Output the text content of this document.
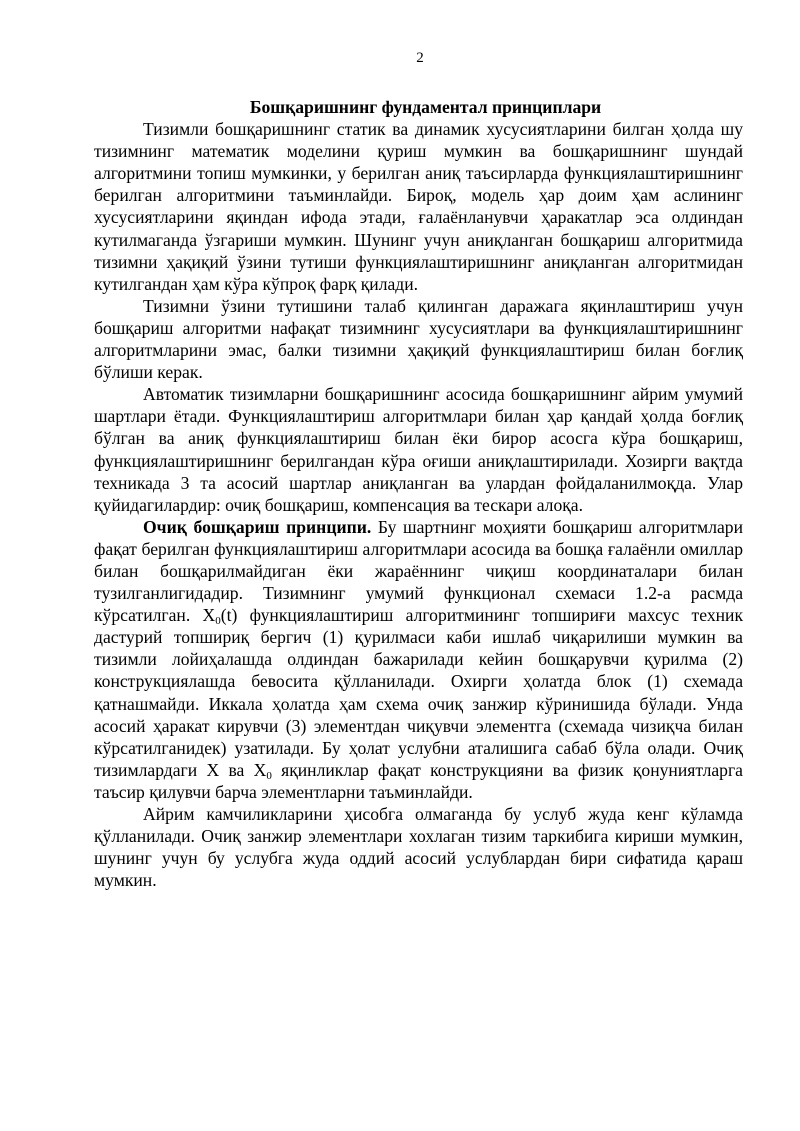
2
Бошқаришнинг фундаментал принциплари

Тизимли бошқаришнинг статик ва динамик хусусиятларини билган ҳолда шу тизимнинг математик моделини қуриш мумкин ва бошқаришнинг шундай алгоритмини топиш мумкинки, у берилган аниқ таъсирларда функциялаштиришнинг берилган алгоритмини таъминлайди. Бироқ, модель ҳар доим ҳам аслининг хусусиятларини яқиндан ифода этади, ғалаёнланувчи ҳаракатлар эса олдиндан кутилмаганда ўзгариши мумкин. Шунинг учун аниқланган бошқариш алгоритмида тизимни ҳақиқий ўзини тутиши функциялаштиришнинг аниқланган алгоритмидан кутилгандан ҳам кўра кўпроқ фарқ қилади.

Тизимни ўзини тутишини талаб қилинган даражага яқинлаштириш учун бошқариш алгоритми нафақат тизимнинг хусусиятлари ва функциялаштиришнинг алгоритмларини эмас, балки тизимни ҳақиқий функциялаштириш билан боғлиқ бўлиши керак.

Автоматик тизимларни бошқаришнинг асосида бошқаришнинг айрим умумий шартлари ётади. Функциялаштириш алгоритмлари билан ҳар қандай ҳолда боғлиқ бўлган ва аниқ функциялаштириш билан ёки бирор асосга кўра бошқариш, функциялаштиришнинг берилгандан кўра оғиши аниқлаштирилади. Хозирги вақтда техникада 3 та асосий шартлар аниқланган ва улардан фойдаланилмоқда. Улар қуйидагилардир: очиқ бошқариш, компенсация ва тескари алоқа.

Очиқ бошқариш принципи. Бу шартнинг моҳияти бошқариш алгоритмлари фақат берилган функциялаштириш алгоритмлари асосида ва бошқа ғалаёнли омиллар билан бошқарилмайдиган ёки жараённинг чиқиш координаталари билан тузилганлигидадир. Тизимнинг умумий функционал схемаси 1.2-а расмда кўрсатилган. $X_0(t)$ функциялаштириш алгоритмининг топшириғи махсус техник дастурий топшириқ бергич (1) қурилмаси каби ишлаб чиқарилиши мумкин ва тизимли лойиҳалашда олдиндан бажарилади кейин бошқарувчи қурилма (2) конструкциялашда бевосита қўлланилади. Охирги ҳолатда блок (1) схемада қатнашмайди. Иккала ҳолатда ҳам схема очиқ занжир кўринишида бўлади. Унда асосий ҳаракат кирувчи (3) элементдан чиқувчи элементга (схемада чизиқча билан кўрсатилганидек) узатилади. Бу ҳолат услубни аталишига сабаб бўла олади. Очиқ тизимлардаги X ва $X_0$ яқинликлар фақат конструкцияни ва физик қонуниятларга таъсир қилувчи барча элементларни таъминлайди.

Айрим камчиликларини ҳисобга олмаганда бу услуб жуда кенг кўламда қўлланилади. Очиқ занжир элементлари хохлаган тизим таркибига кириши мумкин, шунинг учун бу услубга жуда оддий асосий услублардан бири сифатида қараш мумкин.
